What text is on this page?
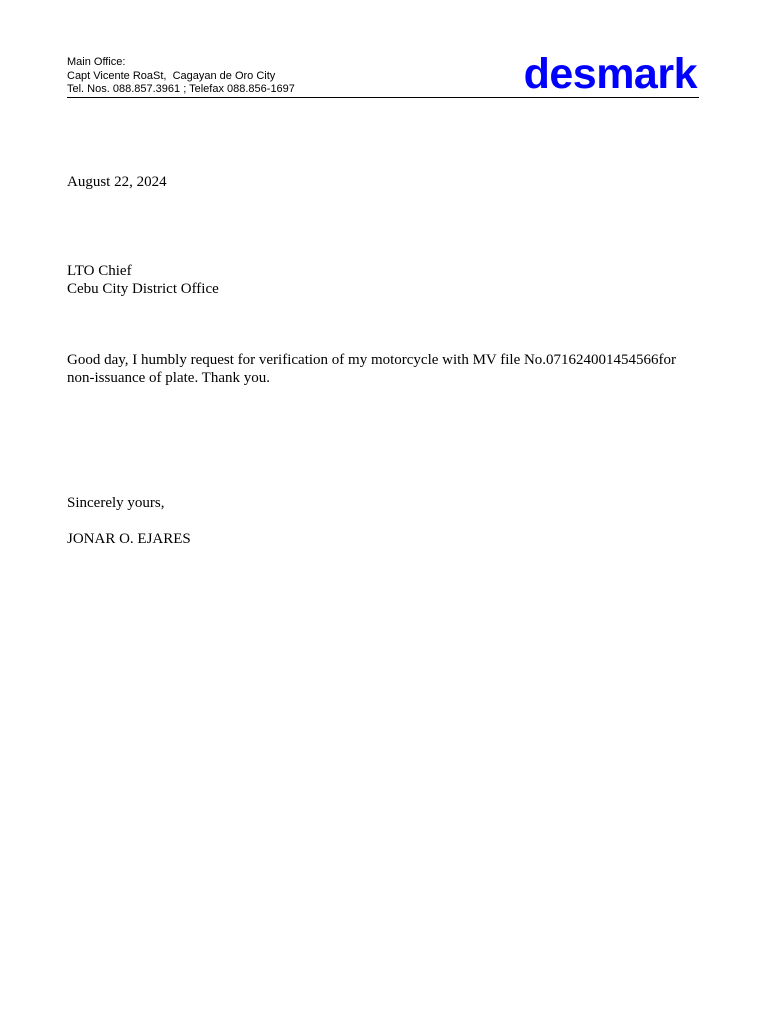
Main Office:
Capt Vicente RoaSt,  Cagayan de Oro City
Tel. Nos. 088.857.3961 ; Telefax 088.856-1697	desmark
August 22, 2024
LTO Chief
Cebu City District Office
Good day, I humbly request for verification of my motorcycle with MV file No.071624001454566for
non-issuance of plate. Thank you.
Sincerely yours,
JONAR O. EJARES
